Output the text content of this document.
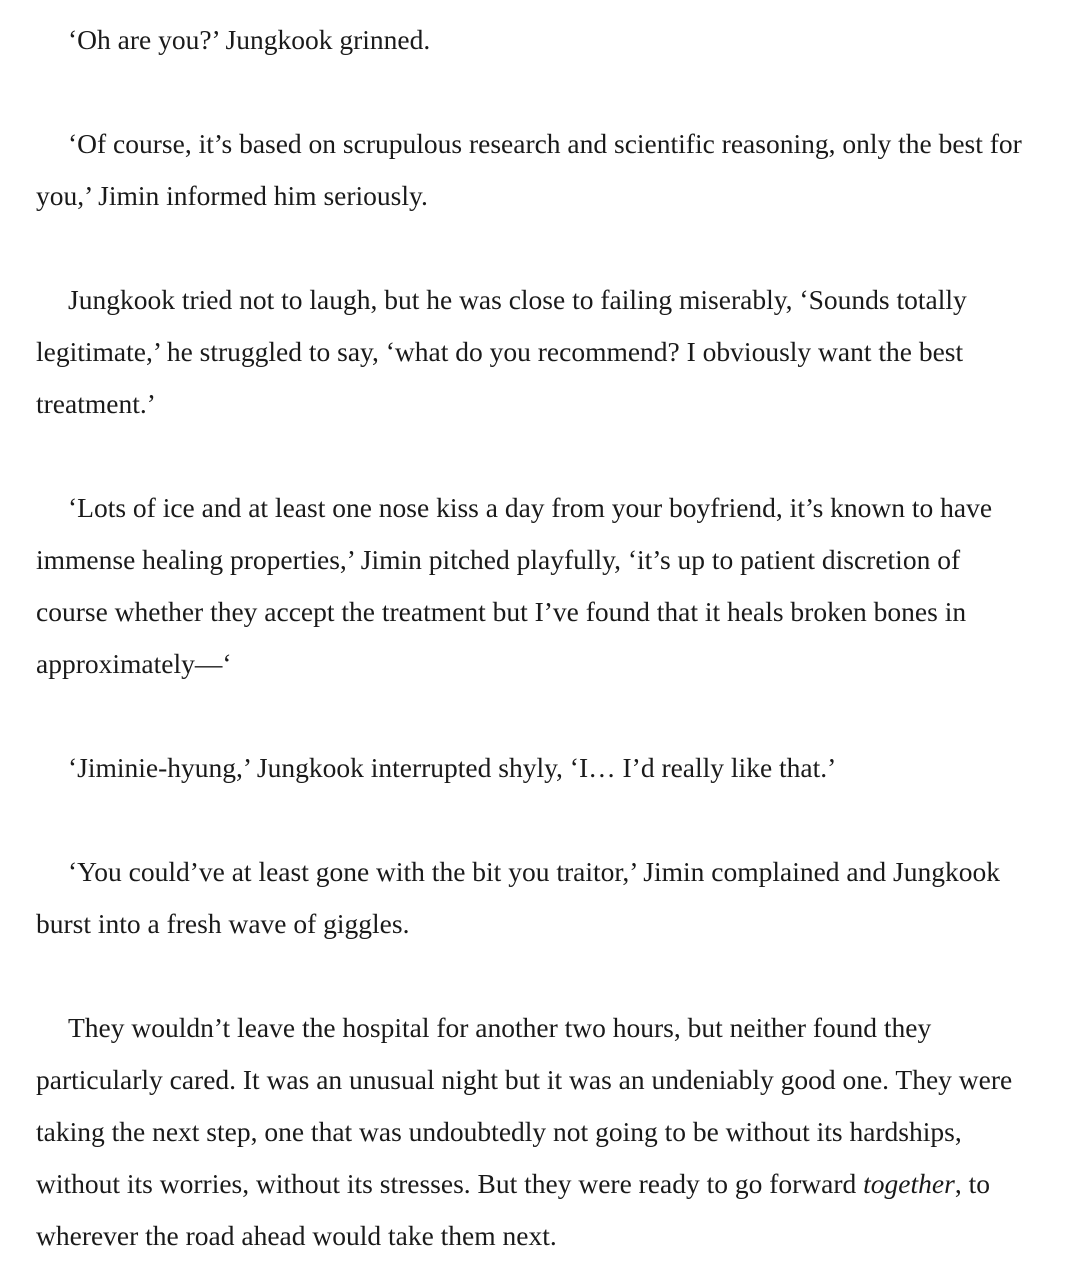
‘Oh are you?’ Jungkook grinned.

‘Of course, it’s based on scrupulous research and scientific reasoning, only the best for you,’ Jimin informed him seriously.

Jungkook tried not to laugh, but he was close to failing miserably, ‘Sounds totally legitimate,’ he struggled to say, ‘what do you recommend? I obviously want the best treatment.’

‘Lots of ice and at least one nose kiss a day from your boyfriend, it’s known to have immense healing properties,’ Jimin pitched playfully, ‘it’s up to patient discretion of course whether they accept the treatment but I’ve found that it heals broken bones in approximately—‘

‘Jiminie-hyung,’ Jungkook interrupted shyly, ‘I… I’d really like that.’

‘You could’ve at least gone with the bit you traitor,’ Jimin complained and Jungkook burst into a fresh wave of giggles.

They wouldn’t leave the hospital for another two hours, but neither found they particularly cared. It was an unusual night but it was an undeniably good one. They were taking the next step, one that was undoubtedly not going to be without its hardships, without its worries, without its stresses. But they were ready to go forward together, to wherever the road ahead would take them next.
